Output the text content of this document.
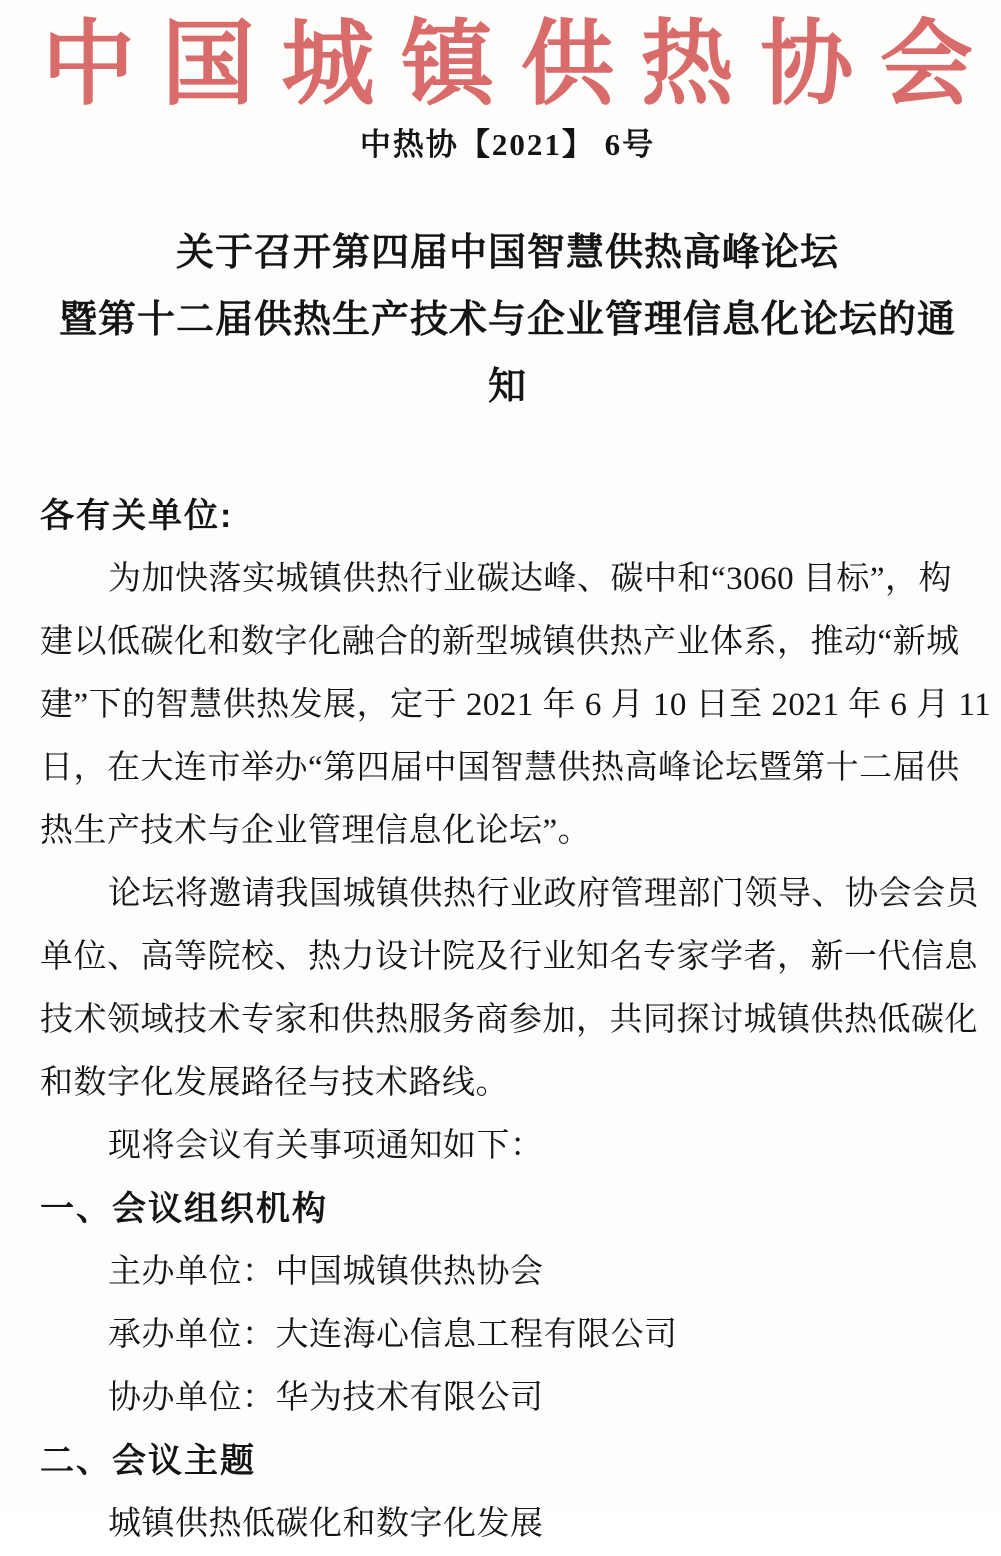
中 国 城 镇 供 热 协 会
中热协【2021】 6号
关于召开第四届中国智慧供热高峰论坛
暨第十二届供热生产技术与企业管理信息化论坛的通知
各有关单位:
为加快落实城镇供热行业碳达峰、碳中和“3060 目标”，构
建以低碳化和数字化融合的新型城镇供热产业体系，推动“新城
建”下的智慧供热发展，定于 2021 年 6 月 10 日至 2021 年 6 月 11
日，在大连市举办“第四届中国智慧供热高峰论坛暨第十二届供
热生产技术与企业管理信息化论坛”。
论坛将邀请我国城镇供热行业政府管理部门领导、协会会员
单位、高等院校、热力设计院及行业知名专家学者，新一代信息
技术领域技术专家和供热服务商参加，共同探讨城镇供热低碳化
和数字化发展路径与技术路线。
现将会议有关事项通知如下：
一、会议组织机构
主办单位：中国城镇供热协会
承办单位：大连海心信息工程有限公司
协办单位：华为技术有限公司
二、会议主题
城镇供热低碳化和数字化发展
